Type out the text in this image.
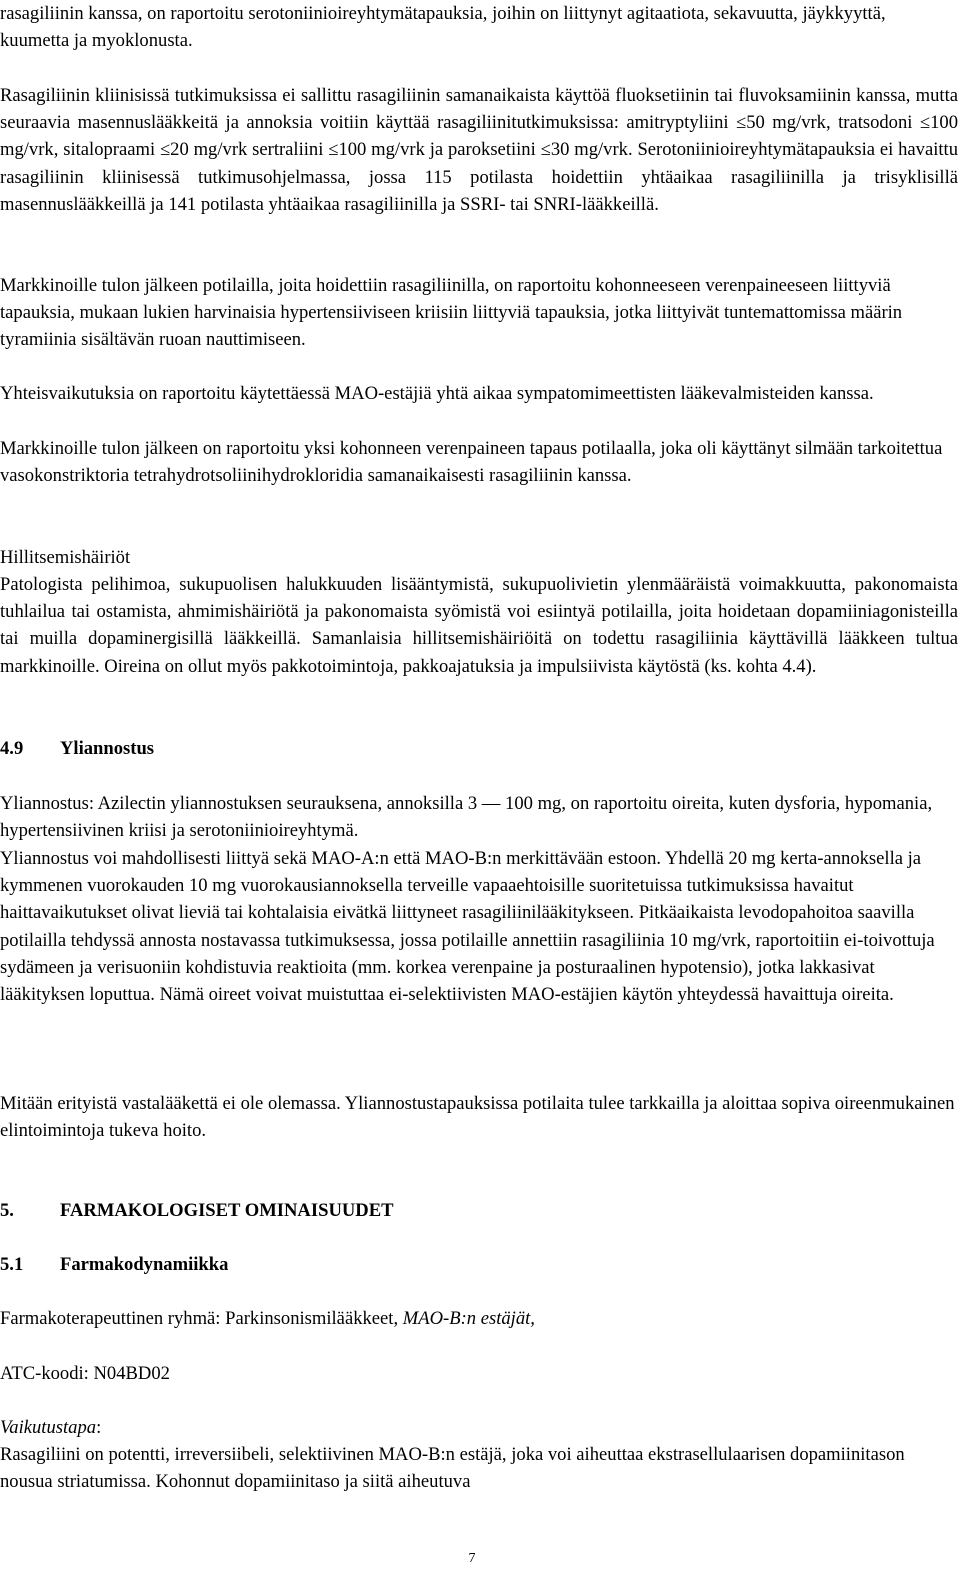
rasagiliinin kanssa, on raportoitu serotoniinioireyhtymätapauksia, joihin on liittynyt agitaatiota, sekavuutta, jäykkyyttä, kuumetta ja myoklonusta.

Rasagiliinin kliinisissä tutkimuksissa ei sallittu rasagiliinin samanaikaista käyttöä fluoksetiinin tai fluvoksamiinin kanssa, mutta seuraavia masennuslääkkeitä ja annoksia voitiin käyttää rasagiliinitutkimuksissa: amitryptyliini ≤50 mg/vrk, tratsodoni ≤100 mg/vrk, sitalopraami ≤20 mg/vrk sertraliini ≤100 mg/vrk ja paroksetiini ≤30 mg/vrk. Serotoniinioireyhtymätapauksia ei havaittu rasagiliinin kliinisessä tutkimusohjelmassa, jossa 115 potilasta hoidettiin yhtäaikaa rasagiliinilla ja trisyklisillä masennuslääkkeillä ja 141 potilasta yhtäaikaa rasagiliinilla ja SSRI- tai SNRI-lääkkeillä.

Markkinoille tulon jälkeen potilailla, joita hoidettiin rasagiliinilla, on raportoitu kohonneeseen verenpaineeseen liittyviä tapauksia, mukaan lukien harvinaisia hypertensiiviseen kriisiin liittyviä tapauksia, jotka liittyivät tuntemattomissa määrin tyramiinia sisältävän ruoan nauttimiseen.

Yhteisvaikutuksia on raportoitu käytettäessä MAO-estäjiä yhtä aikaa sympatomimeettisten lääkevalmisteiden kanssa.

Markkinoille tulon jälkeen on raportoitu yksi kohonneen verenpaineen tapaus potilaalla, joka oli käyttänyt silmään tarkoitettua vasokonstriktoria tetrahydrotsoliinihydrokloridia samanaikaisesti rasagiliinin kanssa.

Hillitsemishäiriöt

Patologista pelihimoa, sukupuolisen halukkuuden lisääntymistä, sukupuolivietin ylenmääräistä voimakkuutta, pakonomaista tuhlailua tai ostamista, ahmimishäiriötä ja pakonomaista syömistä voi esiintyä potilailla, joita hoidetaan dopamiiniagonisteilla tai muilla dopaminergisillä lääkkeillä. Samanlaisia hillitsemishäiriöitä on todettu rasagiliinia käyttävillä lääkkeen tultua markkinoille. Oireina on ollut myös pakkotoimintoja, pakkoajatuksia ja impulsiivista käytöstä (ks. kohta 4.4).

4.9 Yliannostus

Yliannostus: Azilectin yliannostuksen seurauksena, annoksilla 3 — 100 mg, on raportoitu oireita, kuten dysforia, hypomania, hypertensiivinen kriisi ja serotoniinioireyhtymä.

Yliannostus voi mahdollisesti liittyä sekä MAO-A:n että MAO-B:n merkittävään estoon. Yhdellä 20 mg kerta-annoksella ja kymmenen vuorokauden 10 mg vuorokausiannoksella terveille vapaaehtoisille suoritetuissa tutkimuksissa havaitut haittavaikutukset olivat lieviä tai kohtalaisia eivätkä liittyneet rasagiliinilääkitykseen. Pitkäaikaista levodopahoitoa saavilla potilailla tehdyssä annosta nostavassa tutkimuksessa, jossa potilaille annettiin rasagiliinia 10 mg/vrk, raportoitiin ei-toivottuja sydämeen ja verisuoniin kohdistuvia reaktioita (mm. korkea verenpaine ja posturaalinen hypotensio), jotka lakkasivat lääkityksen loputtua. Nämä oireet voivat muistuttaa ei-selektiivisten MAO-estäjien käytön yhteydessä havaittuja oireita.

Mitään erityistä vastalääkettä ei ole olemassa. Yliannostustapauksissa potilaita tulee tarkkailla ja aloittaa sopiva oireenmukainen elintoimintoja tukeva hoito.

5. FARMAKOLOGISET OMINAISUUDET

5.1 Farmakodynamiikka

Farmakoterapeuttinen ryhmä: Parkinsonismilääkkeet, MAO-B:n estäjät,

ATC-koodi: N04BD02

Vaikutustapa:

Rasagiliini on potentti, irreversiibeli, selektiivinen MAO-B:n estäjä, joka voi aiheuttaa ekstrasellulaarisen dopamiinitason nousua striatumissa. Kohonnut dopamiinitaso ja siitä aiheutuva

7
